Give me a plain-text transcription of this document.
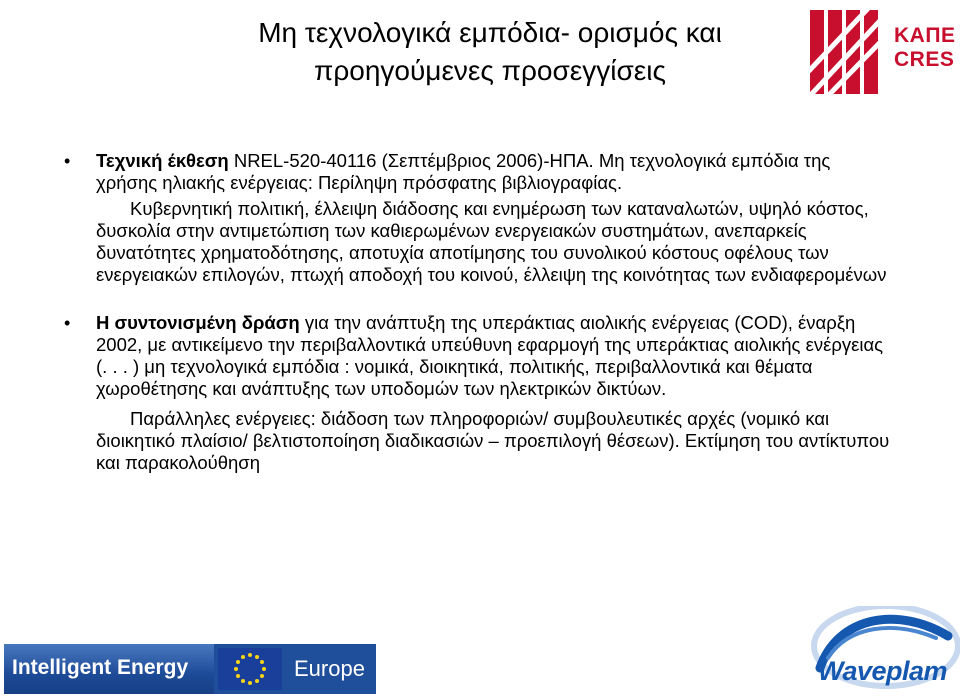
Μη τεχνολογικά εμπόδια- ορισμός και
προηγούμενες προσεγγίσεις
ΚΑΠΕ
CRES
• Τεχνική έκθεση NREL-520-40116 (Σεπτέμβριος 2006)-ΗΠΑ. Μη τεχνολογικά εμπόδια της χρήσης ηλιακής ενέργειας: Περίληψη πρόσφατης βιβλιογραφίας.
Κυβερνητική πολιτική, έλλειψη διάδοσης και ενημέρωση των καταναλωτών, υψηλό κόστος, δυσκολία στην αντιμετώπιση των καθιερωμένων ενεργειακών συστημάτων, ανεπαρκείς δυνατότητες χρηματοδότησης, αποτυχία αποτίμησης του συνολικού κόστους οφέλους των ενεργειακών επιλογών, πτωχή αποδοχή του κοινού, έλλειψη της κοινότητας των ενδιαφερομένων
• Η συντονισμένη δράση για την ανάπτυξη της υπεράκτιας αιολικής ενέργειας (COD), έναρξη 2002, με αντικείμενο την περιβαλλοντικά υπεύθυνη εφαρμογή της υπεράκτιας αιολικής ενέργειας (. . . ) μη τεχνολογικά εμπόδια : νομικά, διοικητικά, πολιτικής, περιβαλλοντικά και θέματα χωροθέτησης και ανάπτυξης των υποδομών των ηλεκτρικών δικτύων.
Παράλληλες ενέργειες: διάδοση των πληροφοριών/ συμβουλευτικές αρχές (νομικό και διοικητικό πλαίσιο/ βελτιστοποίηση διαδικασιών – προεπιλογή θέσεων). Εκτίμηση του αντίκτυπου και παρακολούθηση
Intelligent Energy	Europe	Waveplam
